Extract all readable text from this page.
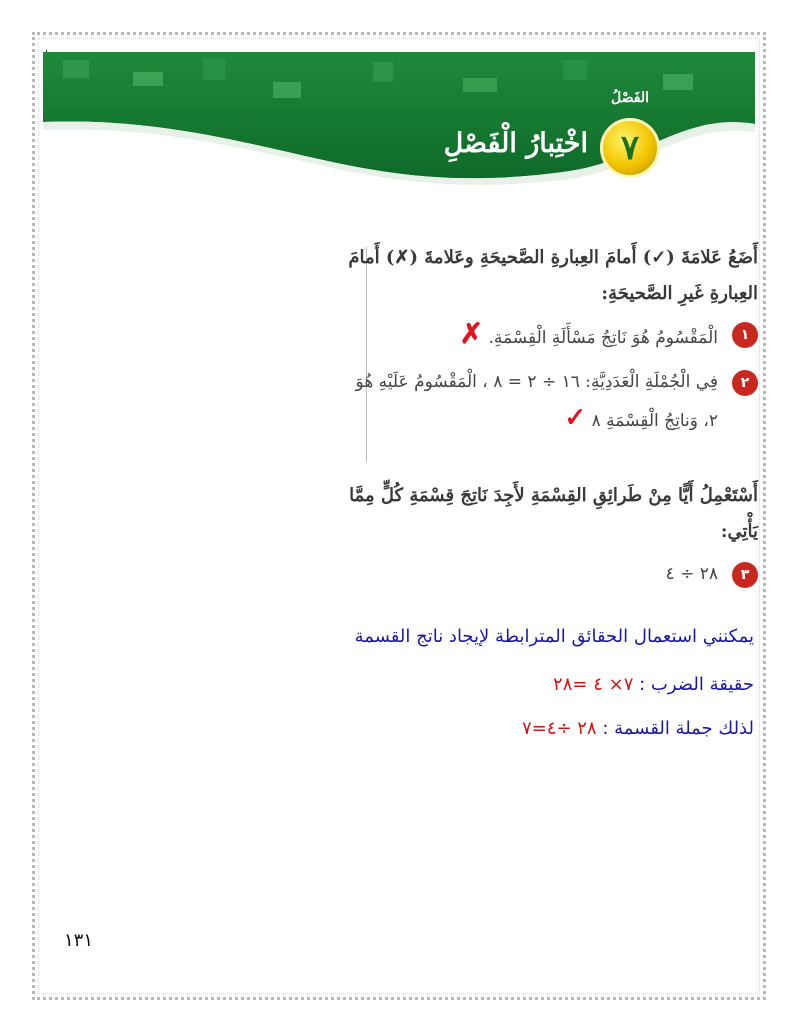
الفَصْلُ
٧
اخْتِبارُ الْفَصْلِ
أَضَعُ عَلامَةَ (✓) أَمامَ العِبارةِ الصَّحيحَةِ وعَلامةَ (✗) أَمامَ العِبارةِ غَيرِ الصَّحيحَةِ:
١
الْمَقْسُومُ هُوَ نَاتِجُ مَسْأَلَةِ الْقِسْمَةِ. ✗
٢
فِي الْجُمْلَةِ الْعَدَدِيَّةِ: ١٦ ÷ ٢ = ٨ ، الْمَقْسُومُ عَلَيْهِ هُوَ ٢، وَناتِجُ الْقِسْمَةِ ٨ ✓
أَسْتَعْمِلُ أَيًّا مِنْ طَرائِقِ القِسْمَةِ لأَجِدَ نَاتِجَ قِسْمَةِ كُلٍّ مِمَّا يَأْتِي:
٣
٢٨ ÷ ٤
يمكنني استعمال الحقائق المترابطة لإيجاد ناتج القسمة
حقيقة الضرب : ٧× ٤ =٢٨
لذلك جملة القسمة : ٢٨ ÷٤=٧
١٣١
